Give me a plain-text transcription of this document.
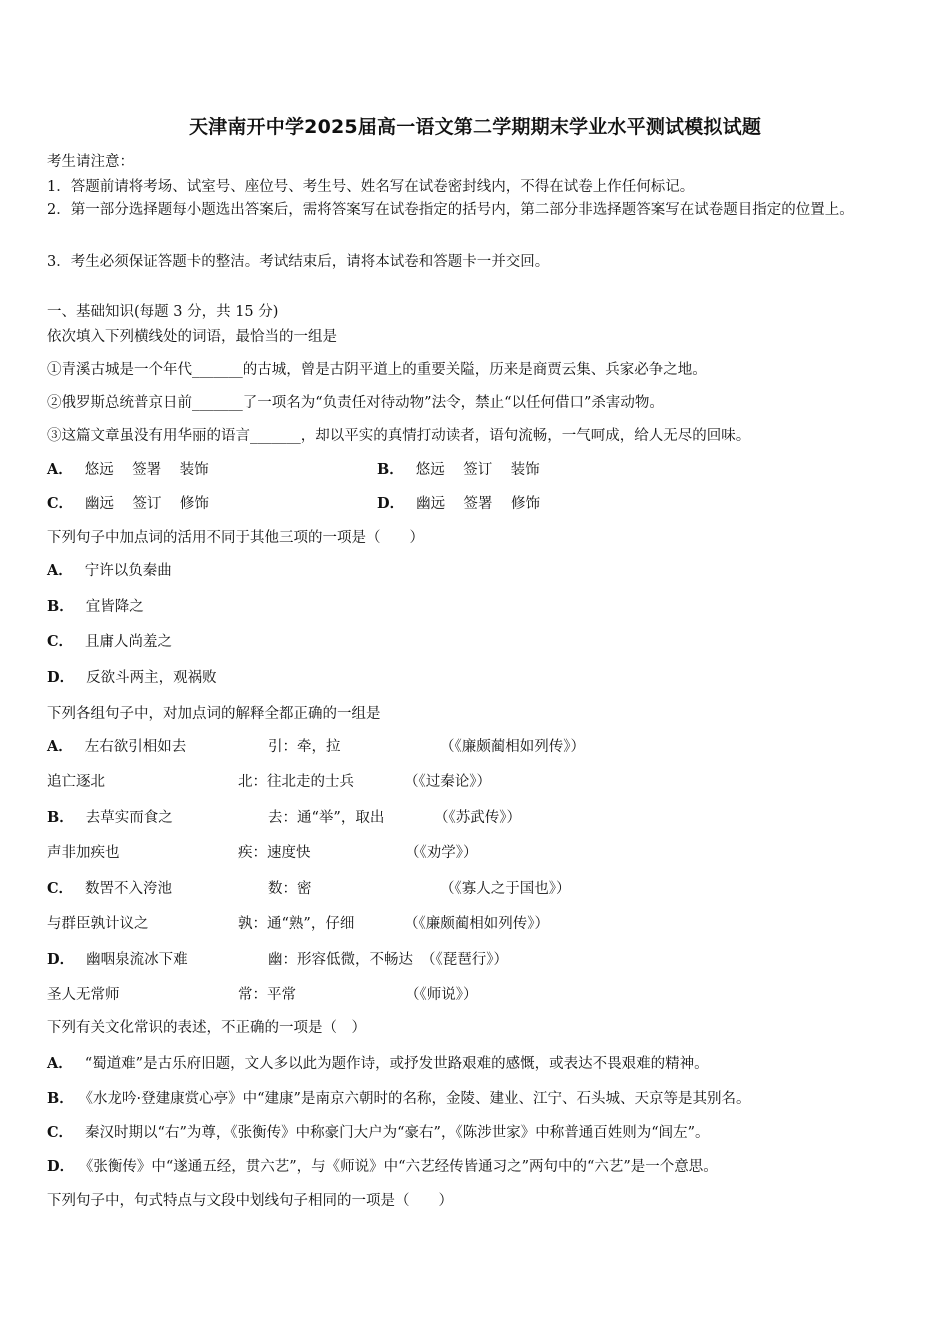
天津南开中学2025届高一语文第二学期期末学业水平测试模拟试题
考生请注意：
1．答题前请将考场、试室号、座位号、考生号、姓名写在试卷密封线内，不得在试卷上作任何标记。
2．第一部分选择题每小题选出答案后，需将答案写在试卷指定的括号内，第二部分非选择题答案写在试卷题目指定的位置上。
3．考生必须保证答题卡的整洁。考试结束后，请将本试卷和答题卡一并交回。
一、基础知识(每题 3 分，共 15 分)
依次填入下列横线处的词语，最恰当的一组是
①青溪古城是一个年代_______的古城，曾是古阴平道上的重要关隘，历来是商贾云集、兵家必争之地。
②俄罗斯总统普京日前_______了一项名为“负责任对待动物”法令，禁止“以任何借口”杀害动物。
③这篇文章虽没有用华丽的语言_______，却以平实的真情打动读者，语句流畅，一气呵成，给人无尽的回味。
A． 悠远    签署    装饰	B． 悠远    签订    装饰
C． 幽远    签订    修饰	D． 幽远    签署    修饰
下列句子中加点词的活用不同于其他三项的一项是（　　）
A． 宁许以负秦曲
B． 宜皆降之
C． 且庸人尚羞之
D． 反欲斗两主，观祸败
下列各组句子中，对加点词的解释全都正确的一组是
A． 左右欲引相如去	引：牵，拉	（《廉颇蔺相如列传》）
追亡逐北	北：往北走的士兵	（《过秦论》）
B． 去草实而食之	去：通“举”，取出	（《苏武传》）
声非加疾也	疾：速度快	（《劝学》）
C． 数罟不入洿池	数：密	（《寡人之于国也》）
与群臣孰计议之	孰：通“熟”，仔细	（《廉颇蔺相如列传》）
D． 幽咽泉流冰下难	幽：形容低微，不畅达 （《琵琶行》）
圣人无常师	常：平常	（《师说》）
下列有关文化常识的表述，不正确的一项是（　）
A． “蜀道难”是古乐府旧题，文人多以此为题作诗，或抒发世路艰难的感慨，或表达不畏艰难的精神。
B． 《水龙吟·登建康赏心亭》中“建康”是南京六朝时的名称，金陵、建业、江宁、石头城、天京等是其别名。
C． 秦汉时期以“右”为尊，《张衡传》中称豪门大户为“豪右”，《陈涉世家》中称普通百姓则为“闾左”。
D． 《张衡传》中“遂通五经，贯六艺”，与《师说》中“六艺经传皆通习之”两句中的“六艺”是一个意思。
下列句子中，句式特点与文段中划线句子相同的一项是（　　）
